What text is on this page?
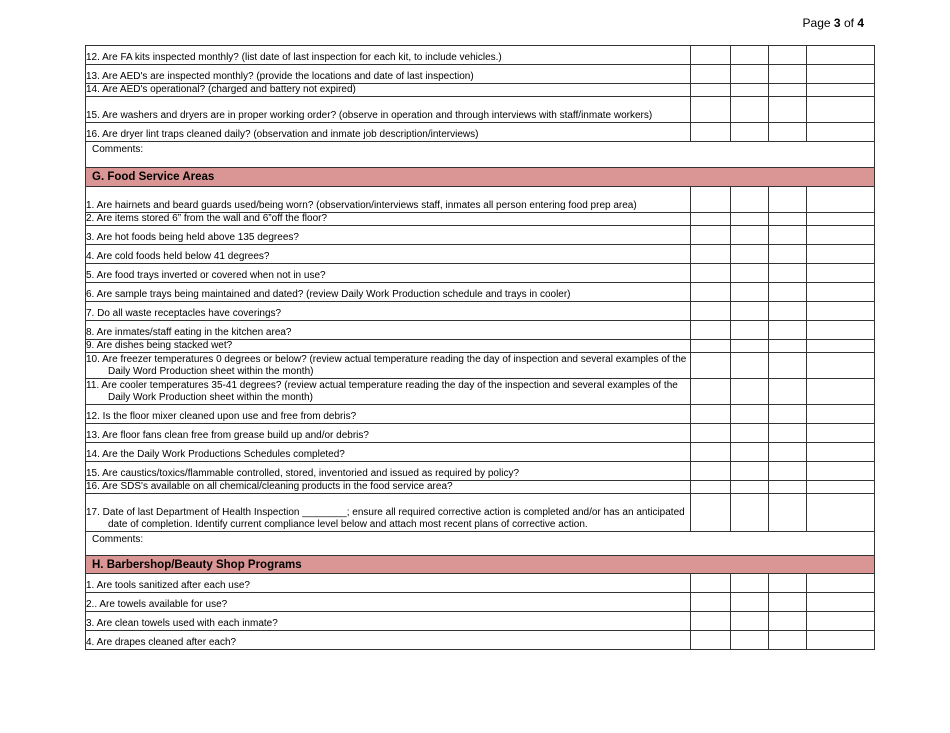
Page 3 of 4
12. Are FA kits inspected monthly? (list date of last inspection for each kit, to include vehicles.)				

13. Are AED's are inspected monthly? (provide the locations and date of last inspection)				

14. Are AED's operational? (charged and battery not expired)				

15. Are washers and dryers are in proper working order? (observe in operation and through interviews with staff/inmate workers)				

16. Are dryer lint traps cleaned daily? (observation and inmate job description/interviews)				

Comments:				
G. Food Service Areas				

1. Are hairnets and beard guards used/being worn? (observation/interviews staff, inmates all person entering food prep area)				

2. Are items stored 6” from the wall and 6”off the floor?				

3. Are hot foods being held above 135 degrees?				

4. Are cold foods held below 41 degrees?				

5. Are food trays inverted or covered when not in use?				

6. Are sample trays being maintained and dated? (review Daily Work Production schedule and trays in cooler)				

7. Do all waste receptacles have coverings?				

8. Are inmates/staff eating in the kitchen area?				

9. Are dishes being stacked wet?				

10. Are freezer temperatures 0 degrees or below? (review actual temperature reading the day of inspection and several examples of the Daily Word Production sheet within the month)				

11. Are cooler temperatures 35-41 degrees? (review actual temperature reading the day of the inspection and several examples of the Daily Work Production sheet within the month)				

12. Is the floor mixer cleaned upon use and free from debris?				

13. Are floor fans clean free from grease build up and/or debris?				

14. Are the Daily Work Productions Schedules completed?				

15. Are caustics/toxics/flammable controlled, stored, inventoried and issued as required by policy?				

16. Are SDS's available on all chemical/cleaning products in the food service area?				

17. Date of last Department of Health Inspection ________; ensure all required corrective action is completed and/or has an anticipated date of completion. Identify current compliance level below and attach most recent plans of corrective action.				

Comments:				
H. Barbershop/Beauty Shop Programs				

1. Are tools sanitized after each use?				

2.. Are towels available for use?				

3. Are clean towels used with each inmate?				

4. Are drapes cleaned after each?				
